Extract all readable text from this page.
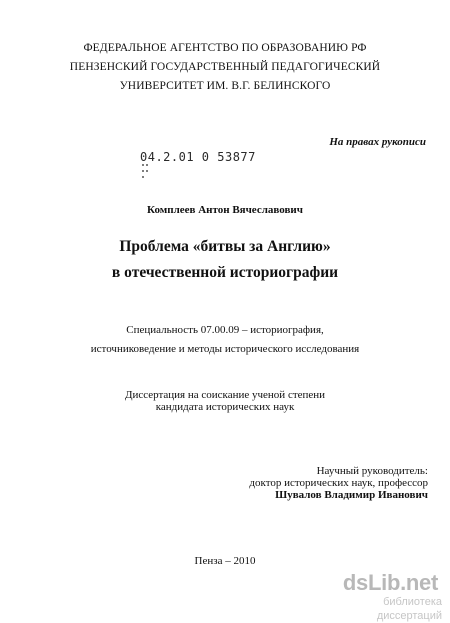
ФЕДЕРАЛЬНОЕ АГЕНТСТВО ПО ОБРАЗОВАНИЮ РФ
ПЕНЗЕНСКИЙ ГОСУДАРСТВЕННЫЙ ПЕДАГОГИЧЕСКИЙ
УНИВЕРСИТЕТ ИМ. В.Г. БЕЛИНСКОГО
На правах рукописи
04.2.01 0 53877
Комплеев Антон Вячеславович
Проблема «битвы за Англию»
в отечественной историографии
Специальность 07.00.09 – историография,
источниковедение и методы исторического исследования
Диссертация на соискание ученой степени
кандидата исторических наук
Научный руководитель:
доктор исторических наук, профессор
Шувалов Владимир Иванович
Пенза – 2010
dsLib.net
библиотека диссертаций
